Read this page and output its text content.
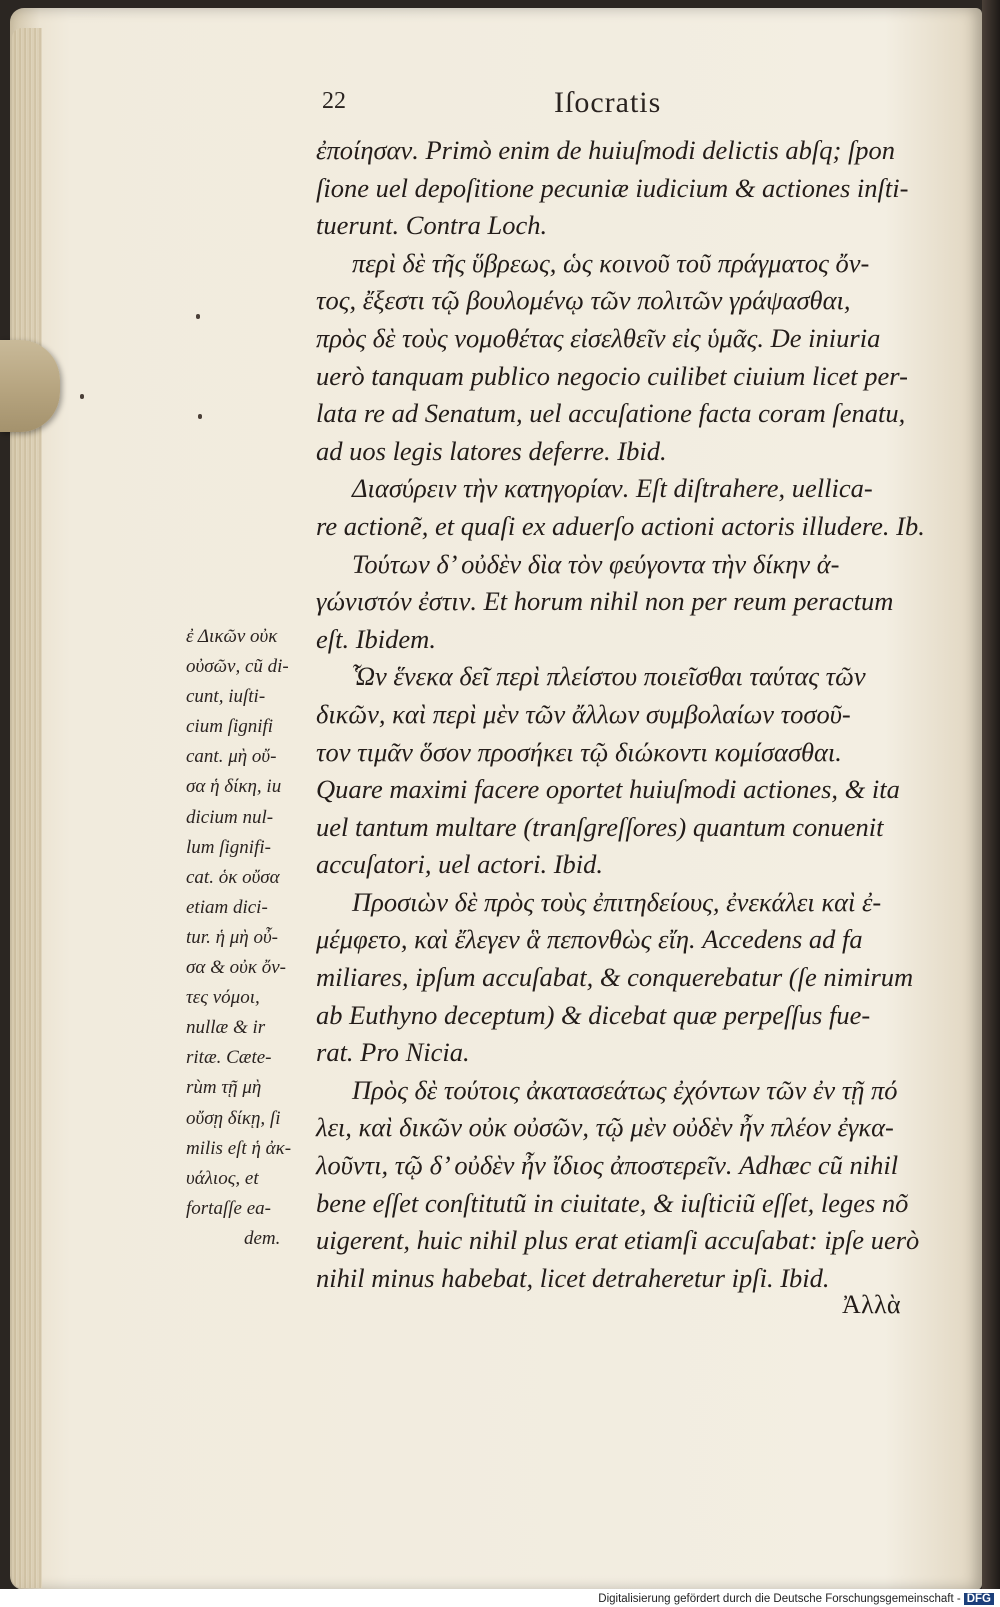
22	Iſocratis
ἐποίησαν. Primò enim de huiuſmodi delictis abſq; ſpon
ſione uel depoſitione pecuniæ iudicium & actiones inſti-
tuerunt. Contra Loch.
περὶ δὲ τῆς ὕβρεως, ὡς κοινοῦ τοῦ πράγματος ὄν-
τος, ἔξεστι τῷ βουλομένῳ τῶν πολιτῶν γράψασθαι,
πρὸς δὲ τοὺς νομοθέτας εἰσελθεῖν εἰς ὑμᾶς. De iniuria
uerò tanquam publico negocio cuilibet ciuium licet per-
lata re ad Senatum, uel accuſatione facta coram ſenatu,
ad uos legis latores deferre. Ibid.
Διασύρειν τὴν κατηγορίαν. Eſt diſtrahere, uellica-
re actionẽ, et quaſi ex aduerſo actioni actoris illudere. Ib.
Τούτων δ’ οὐδὲν δὶα τὸν φεύγοντα τὴν δίκην ἀ-
γώνιστόν ἐστιν. Et horum nihil non per reum peractum
eſt. Ibidem.
Ὧν ἕνεκα δεῖ περὶ πλείστου ποιεῖσθαι ταύτας τῶν
δικῶν, καὶ περὶ μὲν τῶν ἄλλων συμβολαίων τοσοῦ-
τον τιμᾶν ὅσον προσήκει τῷ διώκοντι κομίσασθαι.
Quare maximi facere oportet huiuſmodi actiones, & ita
uel tantum multare (tranſgreſſores) quantum conuenit
accuſatori, uel actori. Ibid.
Προσιὼν δὲ πρὸς τοὺς ἐπιτηδείους, ἐνεκάλει καὶ ἐ-
μέμφετο, καὶ ἔλεγεν ἃ πεπονθὼς εἴη. Accedens ad fa
miliares, ipſum accuſabat, & conquerebatur (ſe nimirum
ab Euthyno deceptum) & dicebat quæ perpeſſus fue-
rat. Pro Nicia.
Πρὸς δὲ τούτοις ἀκατασεάτως ἐχόντων τῶν ἐν τῇ πό
λει, καὶ δικῶν οὐκ οὐσῶν, τῷ μὲν οὐδὲν ἦν πλέον ἐγκα-
λοῦντι, τῷ δ’ οὐδὲν ἦν ἴδιος ἀποστερεῖν. Adhæc cũ nihil
bene eſſet conſtitutũ in ciuitate, & iuſticiũ eſſet, leges nõ
uigerent, huic nihil plus erat etiamſi accuſabat: ipſe uerò
nihil minus habebat, licet detraheretur ipſi. Ibid.
ἐ Δικῶν οὐκ
οὐσῶν, cũ di-
cunt, iuſti-
cium ſignifi
cant. μὴ οὔ-
σα ἡ δίκη, iu
dicium nul-
lum ſignifi-
cat. ὁκ οὔσα
etiam dici-
tur. ἡ μὴ οὖ-
σα & οὐκ ὄν-
τες νόμοι,
nullæ & ir
ritæ. Cæte-
rùm τῇ μὴ
οὔσῃ δίκῃ, ſi
milis eſt ἡ ἀκ-
υάλιος, et
fortaſſe ea-
dem.
Ἀλλὰ
Digitalisierung gefördert durch die Deutsche Forschungsgemeinschaft - DFG
